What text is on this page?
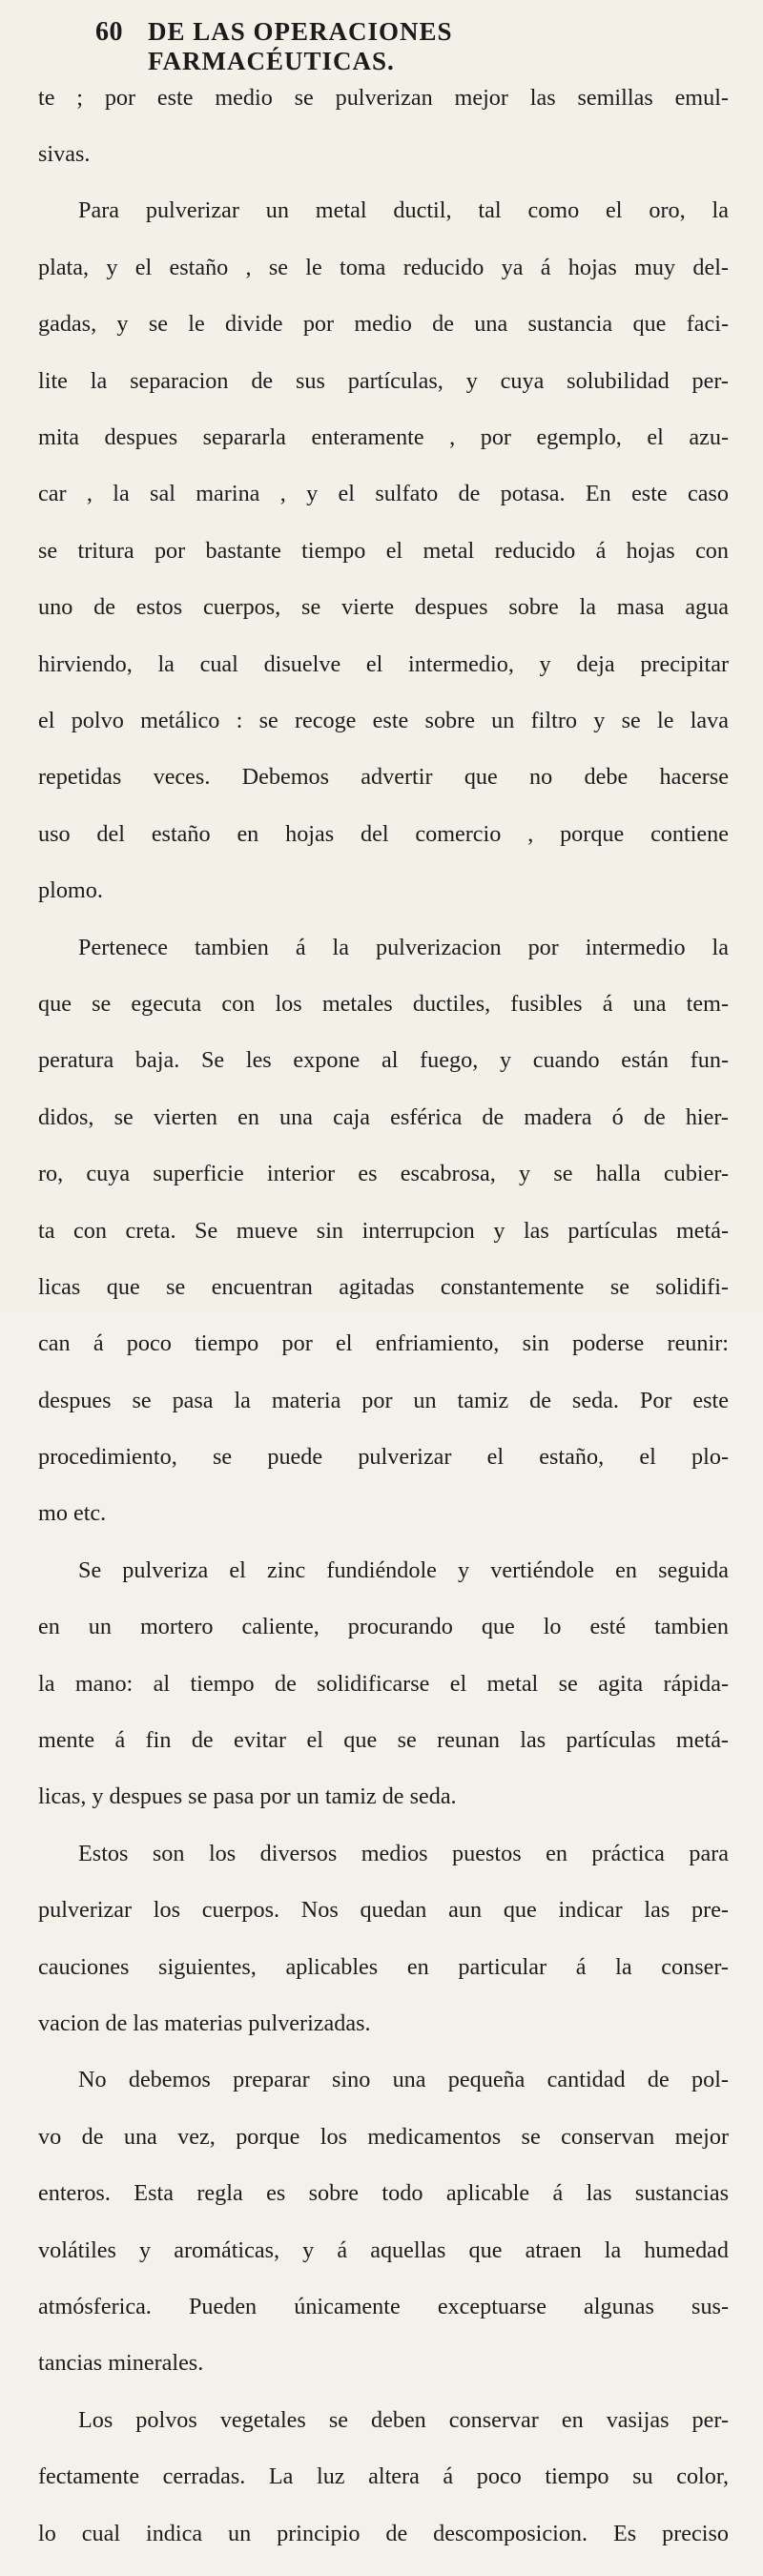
60 DE LAS OPERACIONES FARMACÉUTICAS.

te ; por este medio se pulverizan mejor las semillas emul-

sivas.

Para pulverizar un metal ductil, tal como el oro, la

plata, y el estaño , se le toma reducido ya á hojas muy del-

gadas, y se le divide por medio de una sustancia que faci-

lite la separacion de sus partículas, y cuya solubilidad per-

mita despues separarla enteramente , por egemplo, el azu-

car , la sal marina , y el sulfato de potasa. En este caso

se tritura por bastante tiempo el metal reducido á hojas con

uno de estos cuerpos, se vierte despues sobre la masa agua

hirviendo, la cual disuelve el intermedio, y deja precipitar

el polvo metálico : se recoge este sobre un filtro y se le lava

repetidas veces. Debemos advertir que no debe hacerse

uso del estaño en hojas del comercio , porque contiene

plomo.

Pertenece tambien á la pulverizacion por intermedio la

que se egecuta con los metales ductiles, fusibles á una tem-

peratura baja. Se les expone al fuego, y cuando están fun-

didos, se vierten en una caja esférica de madera ó de hier-

ro, cuya superficie interior es escabrosa, y se halla cubier-

ta con creta. Se mueve sin interrupcion y las partículas metá-

licas que se encuentran agitadas constantemente se solidifi-

can á poco tiempo por el enfriamiento, sin poderse reunir:

despues se pasa la materia por un tamiz de seda. Por este

procedimiento, se puede pulverizar el estaño, el plo-

mo etc.

Se pulveriza el zinc fundiéndole y vertiéndole en seguida

en un mortero caliente, procurando que lo esté tambien

la mano: al tiempo de solidificarse el metal se agita rápida-

mente á fin de evitar el que se reunan las partículas metá-

licas, y despues se pasa por un tamiz de seda.

Estos son los diversos medios puestos en práctica para

pulverizar los cuerpos. Nos quedan aun que indicar las pre-

cauciones siguientes, aplicables en particular á la conser-

vacion de las materias pulverizadas.

No debemos preparar sino una pequeña cantidad de pol-

vo de una vez, porque los medicamentos se conservan mejor

enteros. Esta regla es sobre todo aplicable á las sustancias

volátiles y aromáticas, y á aquellas que atraen la humedad

atmósferica. Pueden únicamente exceptuarse algunas sus-

tancias minerales.

Los polvos vegetales se deben conservar en vasijas per-

fectamente cerradas. La luz altera á poco tiempo su color,

lo cual indica un principio de descomposicion. Es preciso
